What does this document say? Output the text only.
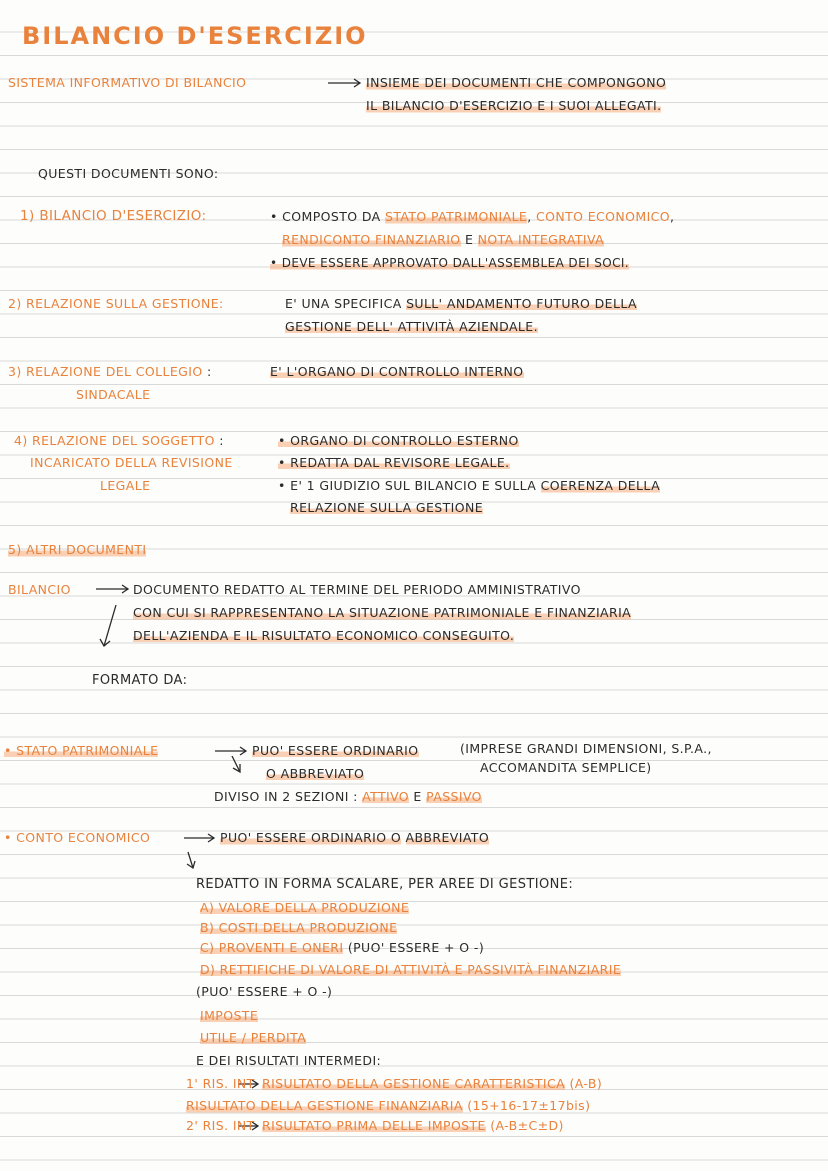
BILANCIO D'ESERCIZIO
SISTEMA INFORMATIVO DI BILANCIO	INSIEME DEI DOCUMENTI CHE COMPONGONO
IL BILANCIO D'ESERCIZIO E I SUOI ALLEGATI.
QUESTI DOCUMENTI SONO:
1) BILANCIO D'ESERCIZIO:	• COMPOSTO DA STATO PATRIMONIALE, CONTO ECONOMICO,
RENDICONTO FINANZIARIO E NOTA INTEGRATIVA
• DEVE ESSERE APPROVATO DALL'ASSEMBLEA DEI SOCI.
2) RELAZIONE SULLA GESTIONE:	E' UNA SPECIFICA SULL' ANDAMENTO FUTURO DELLA
GESTIONE DELL' ATTIVITÀ AZIENDALE.
3) RELAZIONE DEL COLLEGIO :
SINDACALE
E' L'ORGANO DI CONTROLLO INTERNO
4) RELAZIONE DEL SOGGETTO :
INCARICATO DELLA REVISIONE
LEGALE
• ORGANO DI CONTROLLO ESTERNO
• REDATTA DAL REVISORE LEGALE.
• E' 1 GIUDIZIO SUL BILANCIO E SULLA COERENZA DELLA
RELAZIONE SULLA GESTIONE
5) ALTRI DOCUMENTI
BILANCIO	DOCUMENTO REDATTO AL TERMINE DEL PERIODO AMMINISTRATIVO
CON CUI SI RAPPRESENTANO LA SITUAZIONE PATRIMONIALE E FINANZIARIA
DELL'AZIENDA E IL RISULTATO ECONOMICO CONSEGUITO.
FORMATO DA:
• STATO PATRIMONIALE	PUO' ESSERE ORDINARIO	(IMPRESE GRANDI DIMENSIONI, S.P.A.,
ACCOMANDITA SEMPLICE)
O ABBREVIATO
DIVISO IN 2 SEZIONI : ATTIVO E PASSIVO
• CONTO ECONOMICO	PUO' ESSERE ORDINARIO O ABBREVIATO
REDATTO IN FORMA SCALARE, PER AREE DI GESTIONE:
A) VALORE DELLA PRODUZIONE
B) COSTI DELLA PRODUZIONE
C) PROVENTI E ONERI (PUO' ESSERE + O -)
D) RETTIFICHE DI VALORE DI ATTIVITÀ E PASSIVITÀ FINANZIARIE
(PUO' ESSERE + O -)
IMPOSTE
UTILE / PERDITA
E DEI RISULTATI INTERMEDI:
1' RIS. INT RISULTATO DELLA GESTIONE CARATTERISTICA (A-B)
RISULTATO DELLA GESTIONE FINANZIARIA (15+16-17±17bis)
2' RIS. INT RISULTATO PRIMA DELLE IMPOSTE (A-B±C±D)
